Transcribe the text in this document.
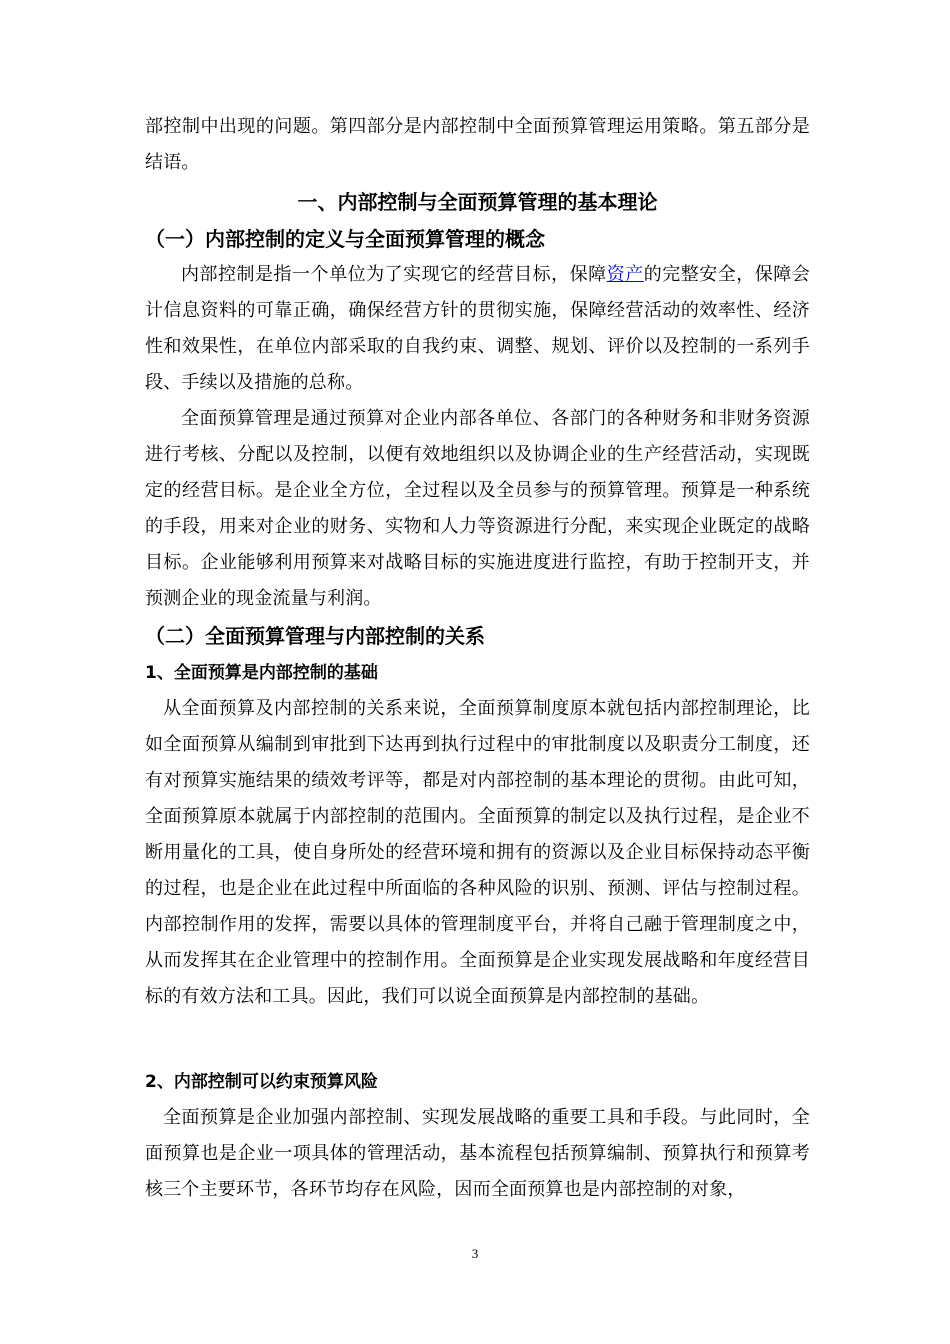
部控制中出现的问题。第四部分是内部控制中全面预算管理运用策略。第五部分是结语。

一、内部控制与全面预算管理的基本理论
（一）内部控制的定义与全面预算管理的概念

内部控制是指一个单位为了实现它的经营目标，保障资产的完整安全，保障会计信息资料的可靠正确，确保经营方针的贯彻实施，保障经营活动的效率性、经济性和效果性，在单位内部采取的自我约束、调整、规划、评价以及控制的一系列手段、手续以及措施的总称。

全面预算管理是通过预算对企业内部各单位、各部门的各种财务和非财务资源进行考核、分配以及控制，以便有效地组织以及协调企业的生产经营活动，实现既定的经营目标。是企业全方位，全过程以及全员参与的预算管理。预算是一种系统的手段，用来对企业的财务、实物和人力等资源进行分配，来实现企业既定的战略目标。企业能够利用预算来对战略目标的实施进度进行监控，有助于控制开支，并预测企业的现金流量与利润。

（二）全面预算管理与内部控制的关系
1、全面预算是内部控制的基础

从全面预算及内部控制的关系来说，全面预算制度原本就包括内部控制理论，比如全面预算从编制到审批到下达再到执行过程中的审批制度以及职责分工制度，还有对预算实施结果的绩效考评等，都是对内部控制的基本理论的贯彻。由此可知，全面预算原本就属于内部控制的范围内。全面预算的制定以及执行过程，是企业不断用量化的工具，使自身所处的经营环境和拥有的资源以及企业目标保持动态平衡的过程，也是企业在此过程中所面临的各种风险的识别、预测、评估与控制过程。内部控制作用的发挥，需要以具体的管理制度平台，并将自己融于管理制度之中，从而发挥其在企业管理中的控制作用。全面预算是企业实现发展战略和年度经营目标的有效方法和工具。因此，我们可以说全面预算是内部控制的基础。

2、内部控制可以约束预算风险

全面预算是企业加强内部控制、实现发展战略的重要工具和手段。与此同时，全面预算也是企业一项具体的管理活动，基本流程包括预算编制、预算执行和预算考核三个主要环节，各环节均存在风险，因而全面预算也是内部控制的对象，

3
